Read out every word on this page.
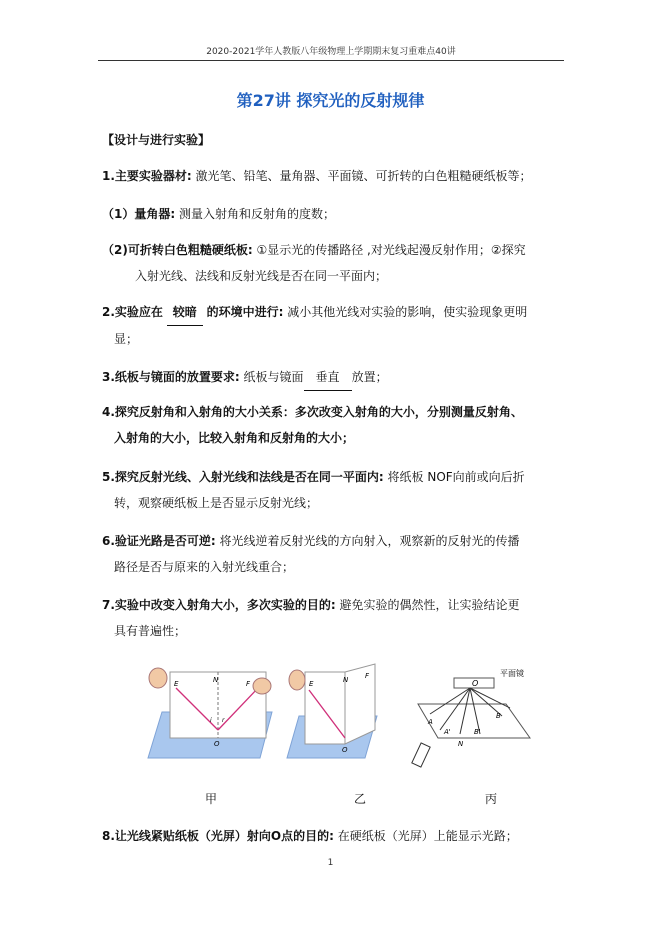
2020-2021学年人教版八年级物理上学期期末复习重难点40讲
第27讲 探究光的反射规律
【设计与进行实验】
1.主要实验器材: 激光笔、铅笔、量角器、平面镜、可折转的白色粗糙硬纸板等；
（1）量角器: 测量入射角和反射角的度数；
（2)可折转白色粗糙硬纸板: ①显示光的传播路径 ,对光线起漫反射作用；②探究
入射光线、法线和反射光线是否在同一平面内；
2.实验应在 较暗 的环境中进行: 减小其他光线对实验的影响，使实验现象更明
显；
3.纸板与镜面的放置要求: 纸板与镜面 垂直 放置；
4.探究反射角和入射角的大小关系：多次改变入射角的大小，分别测量反射角、
入射角的大小，比较入射角和反射角的大小；
5.探究反射光线、入射光线和法线是否在同一平面内: 将纸板 NOF向前或向后折
转，观察硬纸板上是否显示反射光线；
6.验证光路是否可逆: 将光线逆着反射光线的方向射入，观察新的反射光的传播
路径是否与原来的入射光线重合；
7.实验中改变入射角大小，多次实验的目的: 避免实验的偶然性，让实验结论更
具有普遍性；
E	N	F
O
i r
E	N F
O
O
平面镜
A
A'	B'
B
N
甲	乙	丙
8.让光线紧贴纸板（光屏）射向O点的目的: 在硬纸板（光屏）上能显示光路；
1
